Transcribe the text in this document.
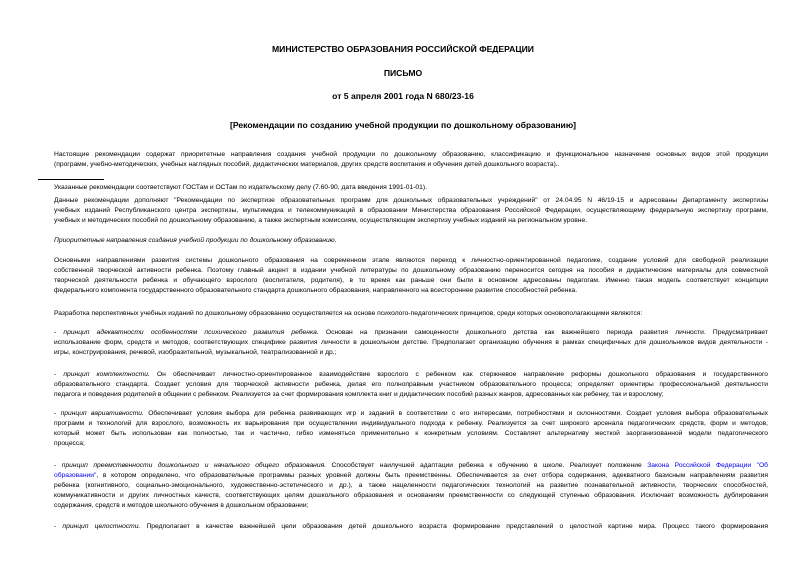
МИНИСТЕРСТВО ОБРАЗОВАНИЯ РОССИЙСКОЙ ФЕДЕРАЦИИ
ПИСЬМО
от 5 апреля 2001 года N 680/23-16
[Рекомендации по созданию учебной продукции по дошкольному образованию]
Настоящие рекомендации содержат приоритетные направления создания учебной продукции по дошкольному образованию, классификацию и функциональное назначение основных видов этой продукции
(программ, учебно-методических, учебных наглядных пособий, дидактических материалов, других средств воспитания и обучения детей дошкольного возраста)..
Указанные рекомендации соответствуют ГОСТам и ОСТам по издательскому делу (7.60-90, дата введения 1991-01-01).
Данные рекомендации дополняют "Рекомендации по экспертизе образовательных программ для дошкольных образовательных учреждений" от 24.04.95 N 46/19-15 и адресованы Департаменту экспертизы
учебных изданий Республиканского центра экспертизы, мультимедиа и телекоммуникаций в образовании Министерства образования Российской Федерации, осуществляющему федеральную экспертизу программ,
учебных и методических пособий по дошкольному образованию, а также экспертным комиссиям, осуществляющим экспертизу учебных изданий на региональном уровне.
Приоритетные направления создания учебной продукции по дошкольному образованию.
Основными направлениями развития системы дошкольного образования на современном этапе являются переход к личностно-ориентированной педагогике, создание условий для свободной реализации
собственной творческой активности ребенка. Поэтому главный акцент в издании учебной литературы по дошкольному образованию переносится сегодня на пособия и дидактические материалы для совместной
творческой деятельности ребенка и обучающего взрослого (воспитателя, родителя), в то время как раньше они были в основном адресованы педагогам. Именно такая модель соответствует концепции
федерального компонента государственного образовательного стандарта дошкольного образования, направленного на всестороннее развитие способностей ребенка.
Разработка перспективных учебных изданий по дошкольному образованию осуществляется на основе психолого-педагогических принципов, среди которых основополагающими являются:
- принцип адекватности особенностям психического развития ребенка. Основан на признании самоценности дошкольного детства как важнейшего периода развития личности. Предусматривает
использование форм, средств и методов, соответствующих специфике развития личности в дошкольном детстве. Предполагает организацию обучения в рамках специфичных для дошкольников видов деятельности -
игры, конструирования, речевой, изобразительной, музыкальной, театрализованной и др.;
- принцип комплектности. Он обеспечивает личностно-ориентированное взаимодействие взрослого с ребенком как стержневое направление реформы дошкольного образования и государственного
образовательного стандарта. Создает условия для творческой активности ребенка, делая его полноправным участником образовательного процесса; определяет ориентиры профессиональной деятельности
педагога и поведения родителей в общении с ребенком. Реализуется за счет формирования комплекта книг и дидактических пособий разных жанров, адресованных как ребенку, так и взрослому;
- принцип вариативности. Обеспечивает условия выбора для ребенка развивающих игр и заданий в соответствии с его интересами, потребностями и склонностями. Создает условия выбора образовательных
программ и технологий для взрослого, возможность их варьирования при осуществлении индивидуального подхода к ребенку. Реализуется за счет широкого арсенала педагогических средств, форм и методов,
который может быть использован как полностью, так и частично, гибко изменяться применительно к конкретным условиям. Составляет альтернативу жесткой заорганизованной модели педагогического
процесса;
- принцип преемственности дошкольного и начального общего образования. Способствует наилучшей адаптации ребенка к обучению в школе. Реализует положение Закона Российской Федерации "Об
образовании", в котором определено, что образовательные программы разных уровней должны быть преемственны. Обеспечивается за счет отбора содержания, адекватного базисным направлениям развития
ребенка (когнитивного, социально-эмоционального, художественно-эстетического и др.), а также нацеленности педагогических технологий на развитие познавательной активности, творческих способностей,
коммуникативности и других личностных качеств, соответствующих целям дошкольного образования и основаниям преемственности со следующей ступенью образования. Исключает возможность дублирования
содержания, средств и методов школьного обучения в дошкольном образовании;
- принцип целостности. Предполагает в качестве важнейшей цели образования детей дошкольного возраста формирование представлений о целостной картине мира. Процесс такого формирования
